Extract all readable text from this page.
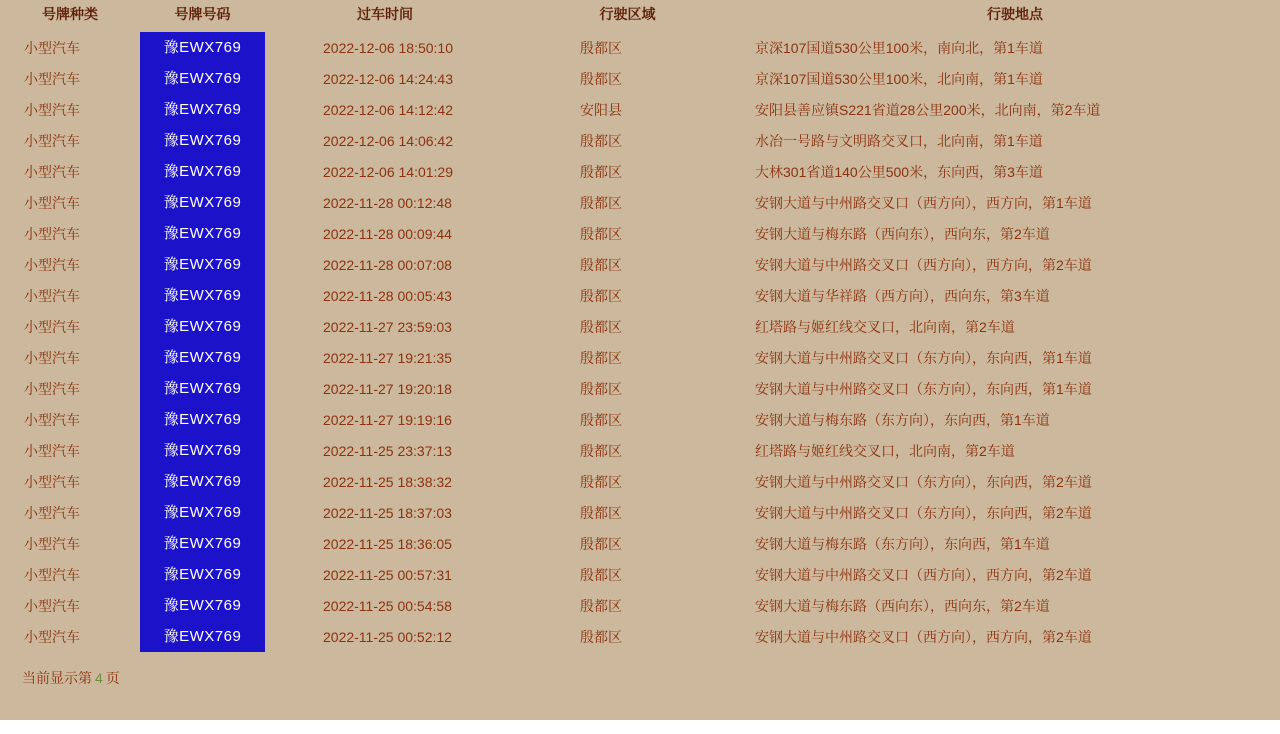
号牌种类	号牌号码	过车时间	行驶区域	行驶地点
小型汽车	豫EWX769	2022-12-06 18:50:10	殷都区	京深107国道530公里100米，南向北，第1车道
小型汽车	豫EWX769	2022-12-06 14:24:43	殷都区	京深107国道530公里100米，北向南，第1车道
小型汽车	豫EWX769	2022-12-06 14:12:42	安阳县	安阳县善应镇S221省道28公里200米，北向南，第2车道
小型汽车	豫EWX769	2022-12-06 14:06:42	殷都区	水冶一号路与文明路交叉口，北向南，第1车道
小型汽车	豫EWX769	2022-12-06 14:01:29	殷都区	大林301省道140公里500米，东向西，第3车道
小型汽车	豫EWX769	2022-11-28 00:12:48	殷都区	安钢大道与中州路交叉口（西方向），西方向，第1车道
小型汽车	豫EWX769	2022-11-28 00:09:44	殷都区	安钢大道与梅东路（西向东），西向东，第2车道
小型汽车	豫EWX769	2022-11-28 00:07:08	殷都区	安钢大道与中州路交叉口（西方向），西方向，第2车道
小型汽车	豫EWX769	2022-11-28 00:05:43	殷都区	安钢大道与华祥路（西方向），西向东，第3车道
小型汽车	豫EWX769	2022-11-27 23:59:03	殷都区	红塔路与姬红线交叉口，北向南，第2车道
小型汽车	豫EWX769	2022-11-27 19:21:35	殷都区	安钢大道与中州路交叉口（东方向），东向西，第1车道
小型汽车	豫EWX769	2022-11-27 19:20:18	殷都区	安钢大道与中州路交叉口（东方向），东向西，第1车道
小型汽车	豫EWX769	2022-11-27 19:19:16	殷都区	安钢大道与梅东路（东方向），东向西，第1车道
小型汽车	豫EWX769	2022-11-25 23:37:13	殷都区	红塔路与姬红线交叉口，北向南，第2车道
小型汽车	豫EWX769	2022-11-25 18:38:32	殷都区	安钢大道与中州路交叉口（东方向），东向西，第2车道
小型汽车	豫EWX769	2022-11-25 18:37:03	殷都区	安钢大道与中州路交叉口（东方向），东向西，第2车道
小型汽车	豫EWX769	2022-11-25 18:36:05	殷都区	安钢大道与梅东路（东方向），东向西，第1车道
小型汽车	豫EWX769	2022-11-25 00:57:31	殷都区	安钢大道与中州路交叉口（西方向），西方向，第2车道
小型汽车	豫EWX769	2022-11-25 00:54:58	殷都区	安钢大道与梅东路（西向东），西向东，第2车道
小型汽车	豫EWX769	2022-11-25 00:52:12	殷都区	安钢大道与中州路交叉口（西方向），西方向，第2车道
当前显示第 4 页
